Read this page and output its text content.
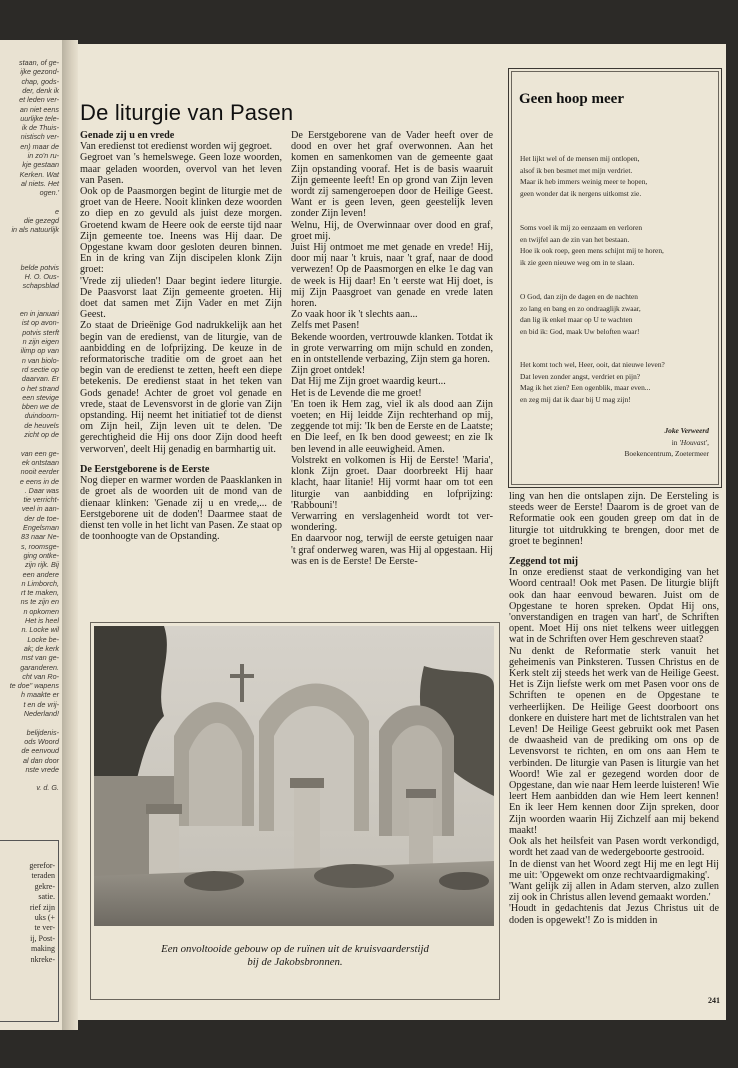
staan, of ge-
ijke gezond-
chap, gods-
der, denk ik
et leden ver-
an niet eens
uurlijke tele-
ik de Thuis-
nistisch ver-
en) maar de
in zo'n ru-
kje gestaan
Kerken. Wat
al niets. Het
ogen.'
e
die gezegd
in als natuurlijk
belde potvis
H. O. Ous-
schapsblad
en in januari
ist op avon-
potvis sterft
n zijn eigen
ilimp op van
n van biolo-
rd sectie op
daarvan. Er
o het strand
een stevige
bben we de
duindoorn-
de heuvels
zicht op de
van een ge-
ek ontstaan
nooit eerder
e eens in de
. Daar was
tie verricht-
veel in aan-
der de toe-
Engelsman
83 naar Ne-
s, roomsge-
ging ontke-
zijn rijk. Bij
een andere
n Limborch,
rt te maken,
ns te zijn en
n opkomen
Het is heel
n. Locke wil
Locke be-
ak; de kerk
mst van ge-
garanderen.
cht van Ro-
te doe" wapens
h maakte er
t en de vrij-
Nederland!
belijdenis-
ods Woord
de eenvoud
al dan door
nste vrede
v. d. G.
gerefor-
teraden
gekre-
satie.
rief zijn
uks (+
te ver-
ij, Post-
making
nkreke-
De liturgie van Pasen
Genade zij u en vrede

Van eredienst tot eredienst worden wij gegroet.

Gegroet van 's hemelswege. Geen loze woorden, maar geladen woorden, overvol van het leven van Pasen.

Ook op de Paasmorgen begint de liturgie met de groet van de Heere. Nooit klinken deze woorden zo diep en zo gevuld als juist deze morgen. Groetend kwam de Heere ook de eerste tijd naar Zijn gemeente toe. Ineens was Hij daar. De Opgestane kwam door gesloten deuren binnen. En in de kring van Zijn discipelen klonk Zijn groet:

'Vrede zij ulieden'! Daar begint iedere liturgie. De Paasvorst laat Zijn gemeente groeten. Hij doet dat samen met Zijn Vader en met Zijn Geest.

Zo staat de Drieënige God nadrukkelijk aan het begin van de eredienst, van de liturgie, van de aanbidding en de lofprijzing. De keuze in de reformatorische traditie om de groet aan het begin van de eredienst te zetten, heeft een diepe betekenis. De eredienst staat in het teken van Gods genade! Achter de groet vol genade en vrede, staat de Levensvorst in de glorie van Zijn opstanding. Hij neemt het initiatief tot de dienst om Zijn heil, Zijn leven uit te delen. 'De gerechtigheid die Hij ons door Zijn dood heeft verworven', deelt Hij genadig en barmhartig uit.

De Eerstgeborene is de Eerste

Nog dieper en warmer worden de Paasklanken in de groet als de woorden uit de mond van de dienaar klinken: 'Genade zij u en vrede,... de Eerstgeborene uit de doden'! Daarmee staat de dienst ten volle in het licht van Pasen. Ze staat op de toonhoogte van de Opstanding.

De Eerstgeborene van de Vader heeft over de dood en over het graf overwonnen. Aan het komen en samenkomen van de gemeente gaat Zijn opstanding vooraf. Het is de basis waaruit Zijn gemeente leeft! En op grond van Zijn leven wordt zij samengeroepen door de Heilige Geest. Want er is geen leven, geen geestelijk leven zonder Zijn leven!

Welnu, Hij, de Overwinnaar over dood en graf, groet mij.

Juist Hij ontmoet me met genade en vrede! Hij, door mij naar 't kruis, naar 't graf, naar de dood verwezen! Op de Paasmorgen en elke 1e dag van de week is Hij daar! En 't eerste wat Hij doet, is mij Zijn Paasgroet van genade en vrede laten horen.

Zo vaak hoor ik 't slechts aan...

Zelfs met Pasen!

Bekende woorden, vertrouwde klanken. Totdat ik in grote verwarring om mijn schuld en zonden, en in ontstellende verbazing, Zijn stem ga horen.

Zijn groet ontdek!

Dat Hij me Zijn groet waardig keurt...

Het is de Levende die me groet!

'En toen ik Hem zag, viel ik als dood aan Zijn voeten; en Hij leidde Zijn rechterhand op mij, zeggende tot mij: 'Ik ben de Eerste en de Laatste; en Die leef, en Ik ben dood geweest; en zie Ik ben levend in alle eeuwigheid. Amen.

Volstrekt en volkomen is Hij de Eerste! 'Maria', klonk Zijn groet. Daar doorbreekt Hij haar klacht, haar litanie! Hij vormt haar om tot een liturgie van aanbidding en lofprijzing: 'Rabbouni'!

Verwarring en verslagenheid wordt tot verwondering.

En daarvoor nog, terwijl de eerste getuigen naar 't graf onderweg waren, was Hij al opgestaan. Hij was en is de Eerste! De Eerste-

Geen hoop meer
Het lijkt wel of de mensen mij ontlopen,
alsof ik ben besmet met mijn verdriet.
Maar ik heb immers weinig meer te hopen,
geen wonder dat ik nergens uitkomst zie.
Soms voel ik mij zo eenzaam en verloren
en twijfel aan de zin van het bestaan.
Hoe ik ook roep, geen mens schijnt mij te horen,
ik zie geen nieuwe weg om in te slaan.
O God, dan zijn de dagen en de nachten
zo lang en bang en zo ondraaglijk zwaar,
dan lig ik enkel maar op U te wachten
en bid ik: God, maak Uw beloften waar!
Het komt toch wel, Heer, ooit, dat nieuwe leven?
Dat leven zonder angst, verdriet en pijn?
Mag ik het zien? Een ogenblik, maar even...
en zeg mij dat ik daar bij U mag zijn!
Joke Verweerd
in 'Houvast',
Boekencentrum, Zoetermeer

ling van hen die ontslapen zijn. De Eersteling is steeds weer de Eerste! Daarom is de groet van de Reformatie ook een gouden greep om dat in de liturgie tot uitdrukking te brengen, door met de groet te beginnen!

Zeggend tot mij

In onze eredienst staat de verkondiging van het Woord centraal! Ook met Pasen. De liturgie blijft ook dan haar eenvoud bewaren. Juist om de Opgestane te horen spreken. Opdat Hij ons, 'onverstandigen en tragen van hart', de Schriften opent. Moet Hij ons niet telkens weer uitleggen wat in de Schriften over Hem geschreven staat?

Nu denkt de Reformatie sterk vanuit het geheimenis van Pinksteren. Tussen Christus en de Kerk stelt zij steeds het werk van de Heilige Geest. Het is Zijn liefste werk om met Pasen voor ons de Schriften te openen en de Opgestane te verheerlijken. De Heilige Geest doorboort ons donkere en duistere hart met de lichtstralen van het Leven! De Heilige Geest gebruikt ook met Pasen de dwaasheid van de prediking om ons op de Levensvorst te richten, en om ons aan Hem te verbinden. De liturgie van Pasen is liturgie van het Woord! Wie zal er gezegend worden door de Opgestane, dan wie naar Hem leerde luisteren! Wie leert Hem aanbidden dan wie Hem leert kennen! En ik leer Hem kennen door Zijn spreken, door Zijn woorden waarin Hij Zichzelf aan mij bekend maakt!

Ook als het heilsfeit van Pasen wordt verkondigd, wordt het zaad van de wedergeboorte gestrooid.

In de dienst van het Woord zegt Hij me en legt Hij me uit: 'Opgewekt om onze rechtvaardigmaking'.

'Want gelijk zij allen in Adam sterven, alzo zullen zij ook in Christus allen levend gemaakt worden.'

'Houdt in gedachtenis dat Jezus Christus uit de doden is opgewekt'! Zo is midden in

Een onvoltooide gebouw op de ruïnen uit de kruisvaarderstijd
bij de Jakobsbronnen.
241
